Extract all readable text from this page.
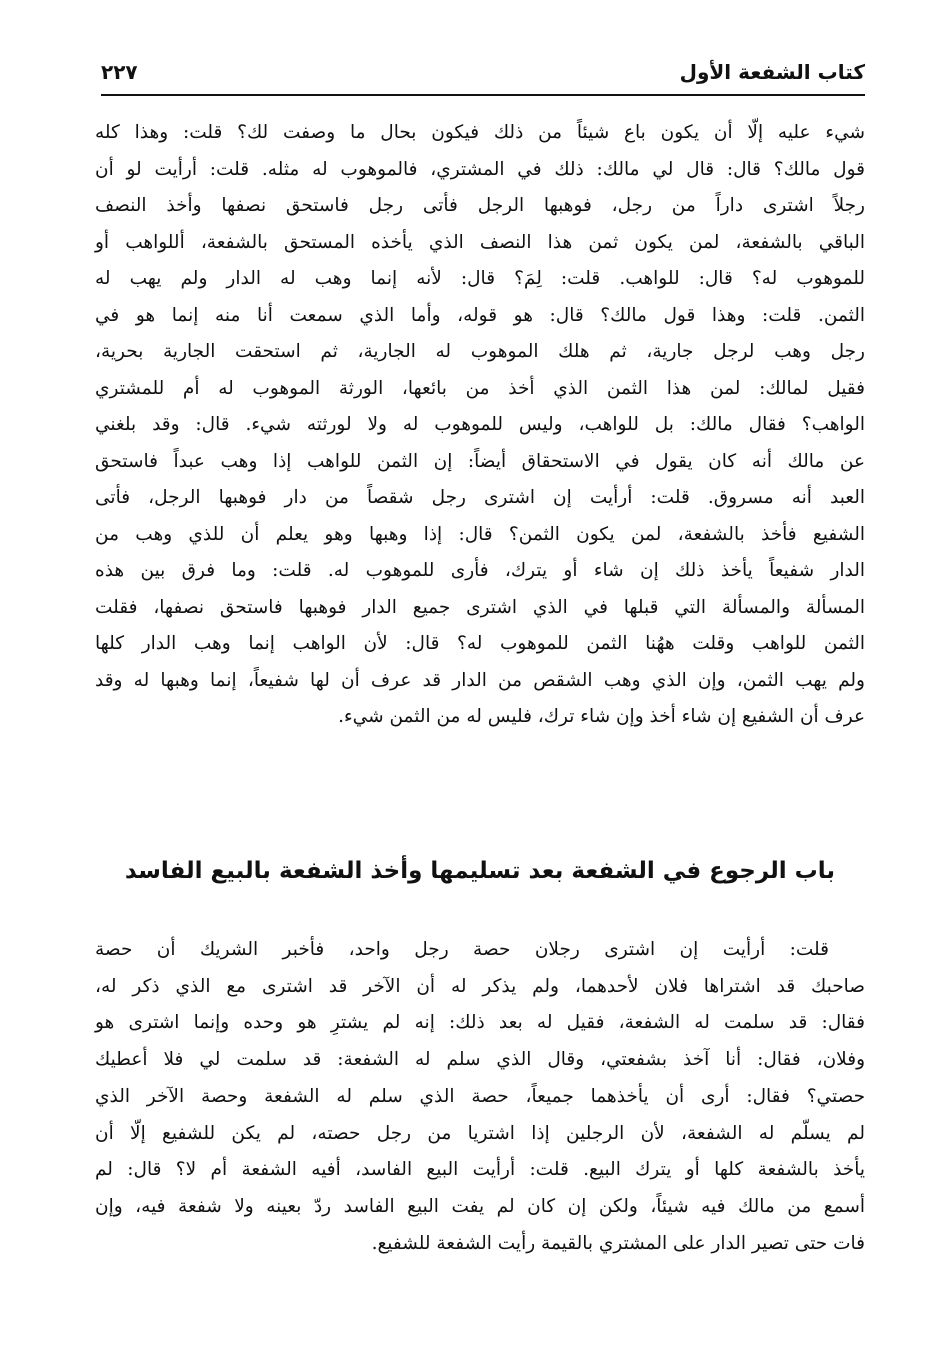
كتاب الشفعة الأول
٢٢٧
شيء عليه إلّا أن يكون باع شيئاً من ذلك فيكون بحال ما وصفت لك؟ قلت: وهذا كله
قول مالك؟ قال: قال لي مالك: ذلك في المشتري، فالموهوب له مثله. قلت: أرأيت لو أن
رجلاً اشترى داراً من رجل، فوهبها الرجل فأتى رجل فاستحق نصفها وأخذ النصف
الباقي بالشفعة، لمن يكون ثمن هذا النصف الذي يأخذه المستحق بالشفعة، أللواهب أو
للموهوب له؟ قال: للواهب. قلت: لِمَ؟ قال: لأنه إنما وهب له الدار ولم يهب له
الثمن. قلت: وهذا قول مالك؟ قال: هو قوله، وأما الذي سمعت أنا منه إنما هو في
رجل وهب لرجل جارية، ثم هلك الموهوب له الجارية، ثم استحقت الجارية بحرية،
فقيل لمالك: لمن هذا الثمن الذي أخذ من بائعها، الورثة الموهوب له أم للمشتري
الواهب؟ فقال مالك: بل للواهب، وليس للموهوب له ولا لورثته شيء. قال: وقد بلغني
عن مالك أنه كان يقول في الاستحقاق أيضاً: إن الثمن للواهب إذا وهب عبداً فاستحق
العبد أنه مسروق. قلت: أرأيت إن اشترى رجل شقصاً من دار فوهبها الرجل، فأتى
الشفيع فأخذ بالشفعة، لمن يكون الثمن؟ قال: إذا وهبها وهو يعلم أن للذي وهب من
الدار شفيعاً يأخذ ذلك إن شاء أو يترك، فأرى للموهوب له. قلت: وما فرق بين هذه
المسألة والمسألة التي قبلها في الذي اشترى جميع الدار فوهبها فاستحق نصفها، فقلت
الثمن للواهب وقلت ههُنا الثمن للموهوب له؟ قال: لأن الواهب إنما وهب الدار كلها
ولم يهب الثمن، وإن الذي وهب الشقص من الدار قد عرف أن لها شفيعاً، إنما وهبها له وقد
عرف أن الشفيع إن شاء أخذ وإن شاء ترك، فليس له من الثمن شيء.
باب الرجوع في الشفعة بعد تسليمها وأخذ الشفعة بالبيع الفاسد
قلت: أرأيت إن اشترى رجلان حصة رجل واحد، فأخبر الشريك أن حصة
صاحبك قد اشتراها فلان لأحدهما، ولم يذكر له أن الآخر قد اشترى مع الذي ذكر له،
فقال: قد سلمت له الشفعة، فقيل له بعد ذلك: إنه لم يشترِ هو وحده وإنما اشترى هو
وفلان، فقال: أنا آخذ بشفعتي، وقال الذي سلم له الشفعة: قد سلمت لي فلا أعطيك
حصتي؟ فقال: أرى أن يأخذهما جميعاً، حصة الذي سلم له الشفعة وحصة الآخر الذي
لم يسلّم له الشفعة، لأن الرجلين إذا اشتريا من رجل حصته، لم يكن للشفيع إلّا أن
يأخذ بالشفعة كلها أو يترك البيع. قلت: أرأيت البيع الفاسد، أفيه الشفعة أم لا؟ قال: لم
أسمع من مالك فيه شيئاً، ولكن إن كان لم يفت البيع الفاسد ردّ بعينه ولا شفعة فيه، وإن
فات حتى تصير الدار على المشتري بالقيمة رأيت الشفعة للشفيع.
